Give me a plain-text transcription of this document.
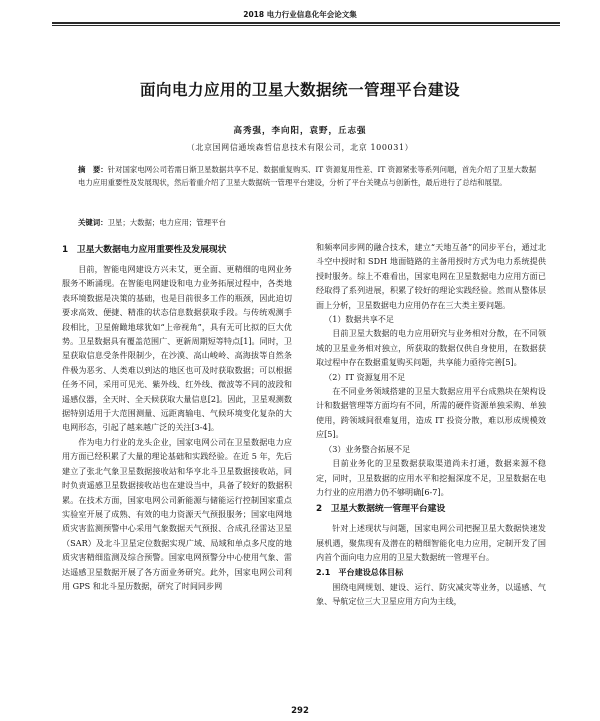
2018 电力行业信息化年会论文集
面向电力应用的卫星大数据统一管理平台建设
高秀强，李向阳，袁野，丘志强
（北京国网信通埃森哲信息技术有限公司，北京 100031）
摘　要：针对国家电网公司若需日渐卫星数据共享不足、数据重复购买、IT 资源复用性差、IT 资源紧张等系列问题，首先介绍了卫星大数据电力应用重要性及发展现状，然后着重介绍了卫星大数据统一管理平台建设，分析了平台关键点与创新性，最后进行了总结和展望。
关键词：卫星；大数据；电力应用；管理平台
1　卫星大数据电力应用重要性及发展现状

目前，智能电网建设方兴未艾，更全面、更精细的电网业务服务不断涌现。在智能电网建设和电力业务拓展过程中，各类地表环境数据是决策的基础，也是目前很多工作的瓶颈，因此迫切要求高效、便捷、精准的状态信息数据获取手段。与传统观测手段相比，卫星俯瞰地球犹如“上帝视角”，具有无可比拟的巨大优势。卫星数据具有覆盖范围广、更新周期短等特点[1]。同时，卫星获取信息受条件限制少，在沙漠、高山峻岭、高海拔等自然条件极为恶劣、人类难以到达的地区也可及时获取数据；可以根据任务不同，采用可见光、紫外线、红外线、微波等不同的波段和遥感仪器，全天时、全天候获取大量信息[2]。因此，卫星观测数据特别适用于大范围测量、远距离输电、气候环境变化复杂的大电网形态，引起了越来越广泛的关注[3-4]。

作为电力行业的龙头企业，国家电网公司在卫星数据电力应用方面已经积累了大量的理论基础和实践经验。在近 5 年，先后建立了张北气象卫星数据接收站和华亨北斗卫星数据接收站，同时负责遥感卫星数据接收站也在建设当中，具备了较好的数据积累。在技术方面，国家电网公司新能源与储能运行控制国家重点实验室开展了成熟、有效的电力资源天气预报服务；国家电网地质灾害监测预警中心采用气象数据天气预报、合成孔径雷达卫星（SAR）及北斗卫星定位数据实现广域、局域和单点多尺度的地质灾害精细监测及综合预警。国家电网预警分中心使用气象、雷达遥感卫星数据开展了各方面业务研究。此外，国家电网公司利用 GPS 和北斗星历数据，研究了时间同步网

和频率同步网的融合技术，建立“天地互备”的同步平台，通过北斗空中授时和 SDH 地面链路的主备用授时方式为电力系统提供授时服务。综上不难看出，国家电网在卫星数据电力应用方面已经取得了系列进展，积累了较好的理论实践经验。然而从整体层面上分析，卫星数据电力应用仍存在三大类主要问题。

（1）数据共享不足

目前卫星大数据的电力应用研究与业务相对分散，在不同领域的卫星业务相对独立，所获取的数据仅供自身使用，在数据获取过程中存在数据重复购买问题，共享能力亟待完善[5]。

（2）IT 资源复用不足

在不同业务领域搭建的卫星大数据应用平台成熟块在架构设计和数据管理等方面均有不同，所需的硬件资源单独采购、单独使用，跨领域间很难复用，造成 IT 投资分散，难以形成规模效应[5]。

（3）业务整合拓展不足

目前业务化的卫星数据获取渠道尚未打通，数据来源不稳定，同时，卫星数据的应用水平和挖掘深度不足，卫星数据在电力行业的应用潜力仍不够明确[6-7]。

2　卫星大数据统一管理平台建设

针对上述现状与问题，国家电网公司把握卫星大数据快速发展机遇，聚焦现有及潜在的精细智能化电力应用，定制开发了国内首个面向电力应用的卫星大数据统一管理平台。

2.1　平台建设总体目标

围绕电网规划、建设、运行、防灾减灾等业务，以遥感、气象、导航定位三大卫星应用方向为主线，

292
